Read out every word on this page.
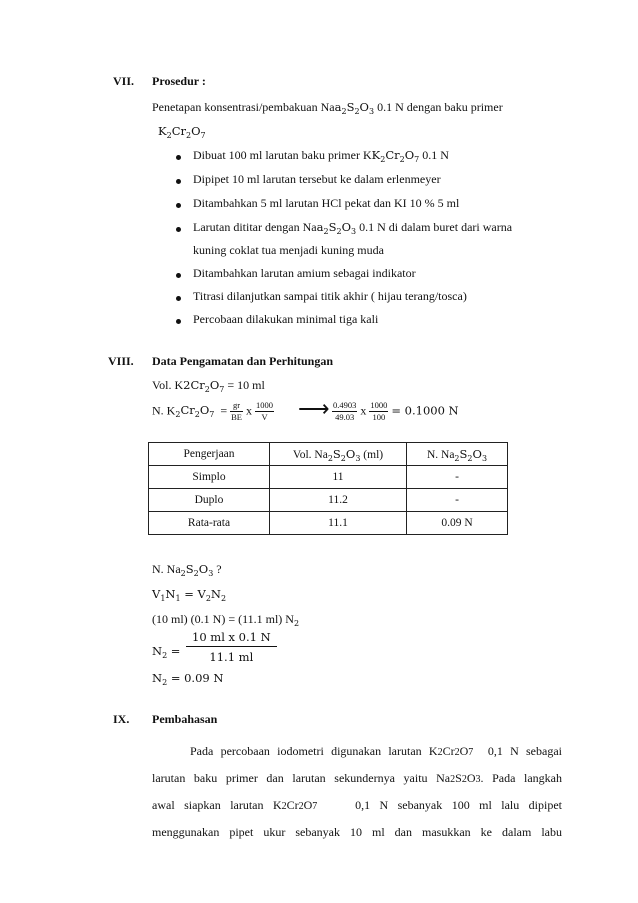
VII. Prosedur :
Penetapan konsentrasi/pembakuan $Naa_2S_2O_3$ 0.1 N dengan baku primer
$K_2Cr_2O_7$
Dibuat 100 ml larutan baku primer $KK_2Cr_2O_7$ 0.1 N
Dipipet 10 ml larutan tersebut ke dalam erlenmeyer
Ditambahkan 5 ml larutan HCl pekat dan KI 10 % 5 ml
Larutan dititar dengan $Naa_2S_2O_3$ 0.1 N di dalam buret dari warna
kuning coklat tua menjadi kuning muda
Ditambahkan larutan amium sebagai indikator
Titrasi dilanjutkan sampai titik akhir ( hijau terang/tosca)
Percobaan dilakukan minimal tiga kali
VIII. Data Pengamatan dan Perhitungan
Vol. $K2Cr_2O_7 = 10$ ml
N. $K_2Cr_2O_7 = \frac{gr}{BE}$ x $\frac{1000}{V}$ ⟶ $\frac{0.4903}{49.03}$ x $\frac{1000}{100} = 0.1000$ N
Pengerjaan	Vol. $Na_2S_2O_3$ (ml)	N. $Na_2S_2O_3$
Simplo	11	-
Duplo	11.2	-
Rata-rata	11.1	0.09 N
N. $Na_2S_2O_3$ ?
$V_1N_1 = V_2N_2$
(10 ml) (0.1 N) = (11.1 ml) $N_2$
$N_2$ =
10 ml x 0.1 N
11.1 ml
$N_2 = 0.09$ N
IX. Pembahasan
Pada percobaan iodometri digunakan larutan K2Cr2O7 0,1 N sebagai
larutan baku primer dan larutan sekundernya yaitu Na2S2O3. Pada langkah
awal siapkan larutan K2Cr2O7	0,1 N sebanyak 100 ml lalu dipipet
menggunakan pipet ukur sebanyak 10 ml dan masukkan ke dalam labu
